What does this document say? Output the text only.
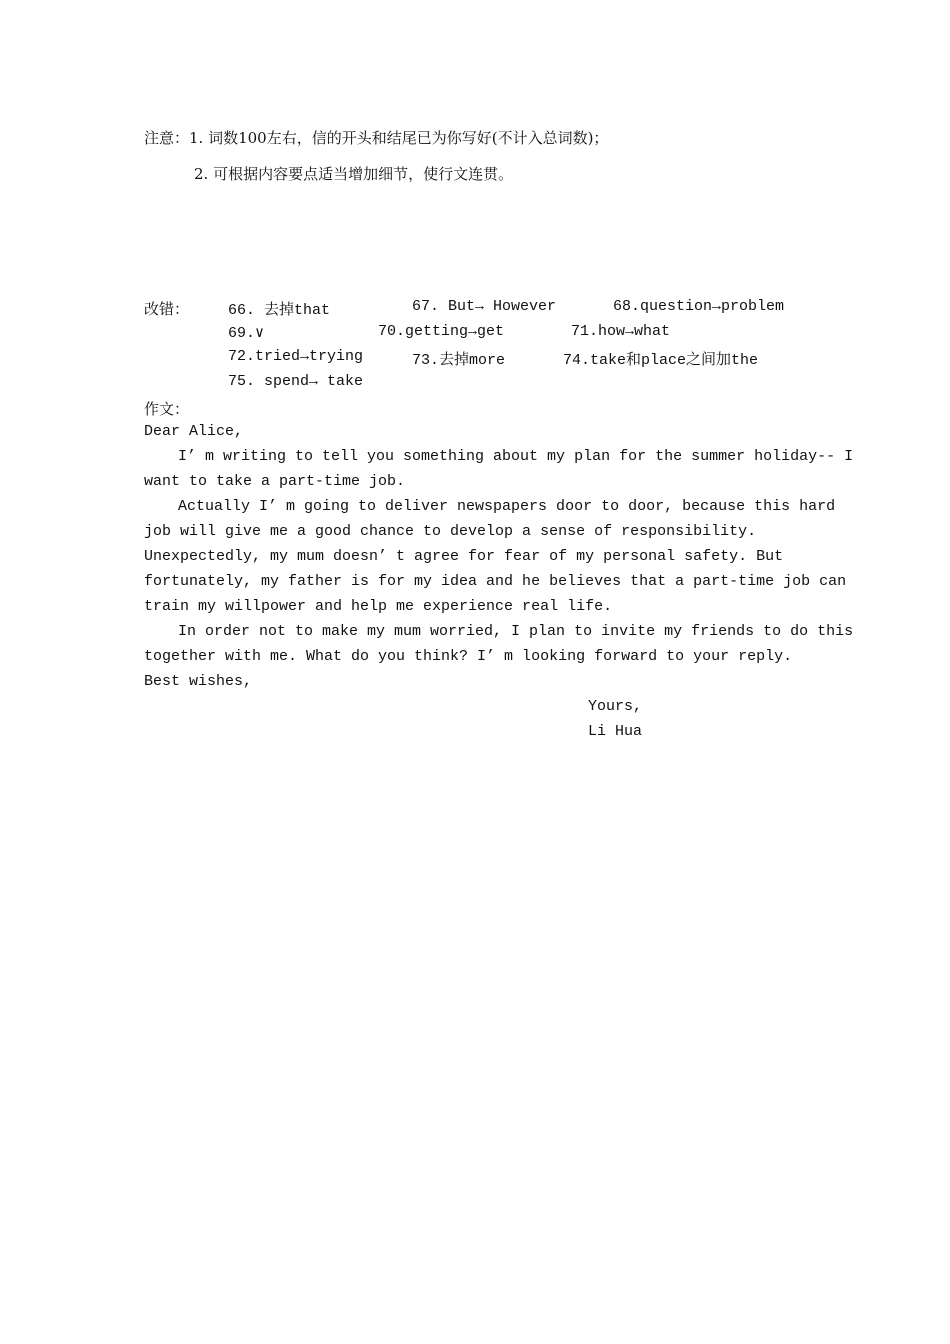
注意：1. 词数100左右，信的开头和结尾已为你写好(不计入总词数)；
2. 可根据内容要点适当增加细节，使行文连贯。
改错：	66. 去掉that	67. But→ However	68.question→problem
69.∨	70.getting→get	71.how→what
72.tried→trying	73.去掉more	74.take和place之间加the
75. spend→ take
作文：
Dear Alice,
I’ m writing to tell you something about my plan for the summer holiday-- I
want to take a part-time job.
Actually I’ m going to deliver newspapers door to door, because this hard
job will give me a good chance to develop a sense of responsibility.
Unexpectedly, my mum doesn’ t agree for fear of my personal safety. But
fortunately, my father is for my idea and he believes that a part-time job can
train my willpower and help me experience real life.
In order not to make my mum worried, I plan to invite my friends to do this
together with me. What do you think? I’ m looking forward to your reply.
Best wishes,
Yours,
Li Hua
